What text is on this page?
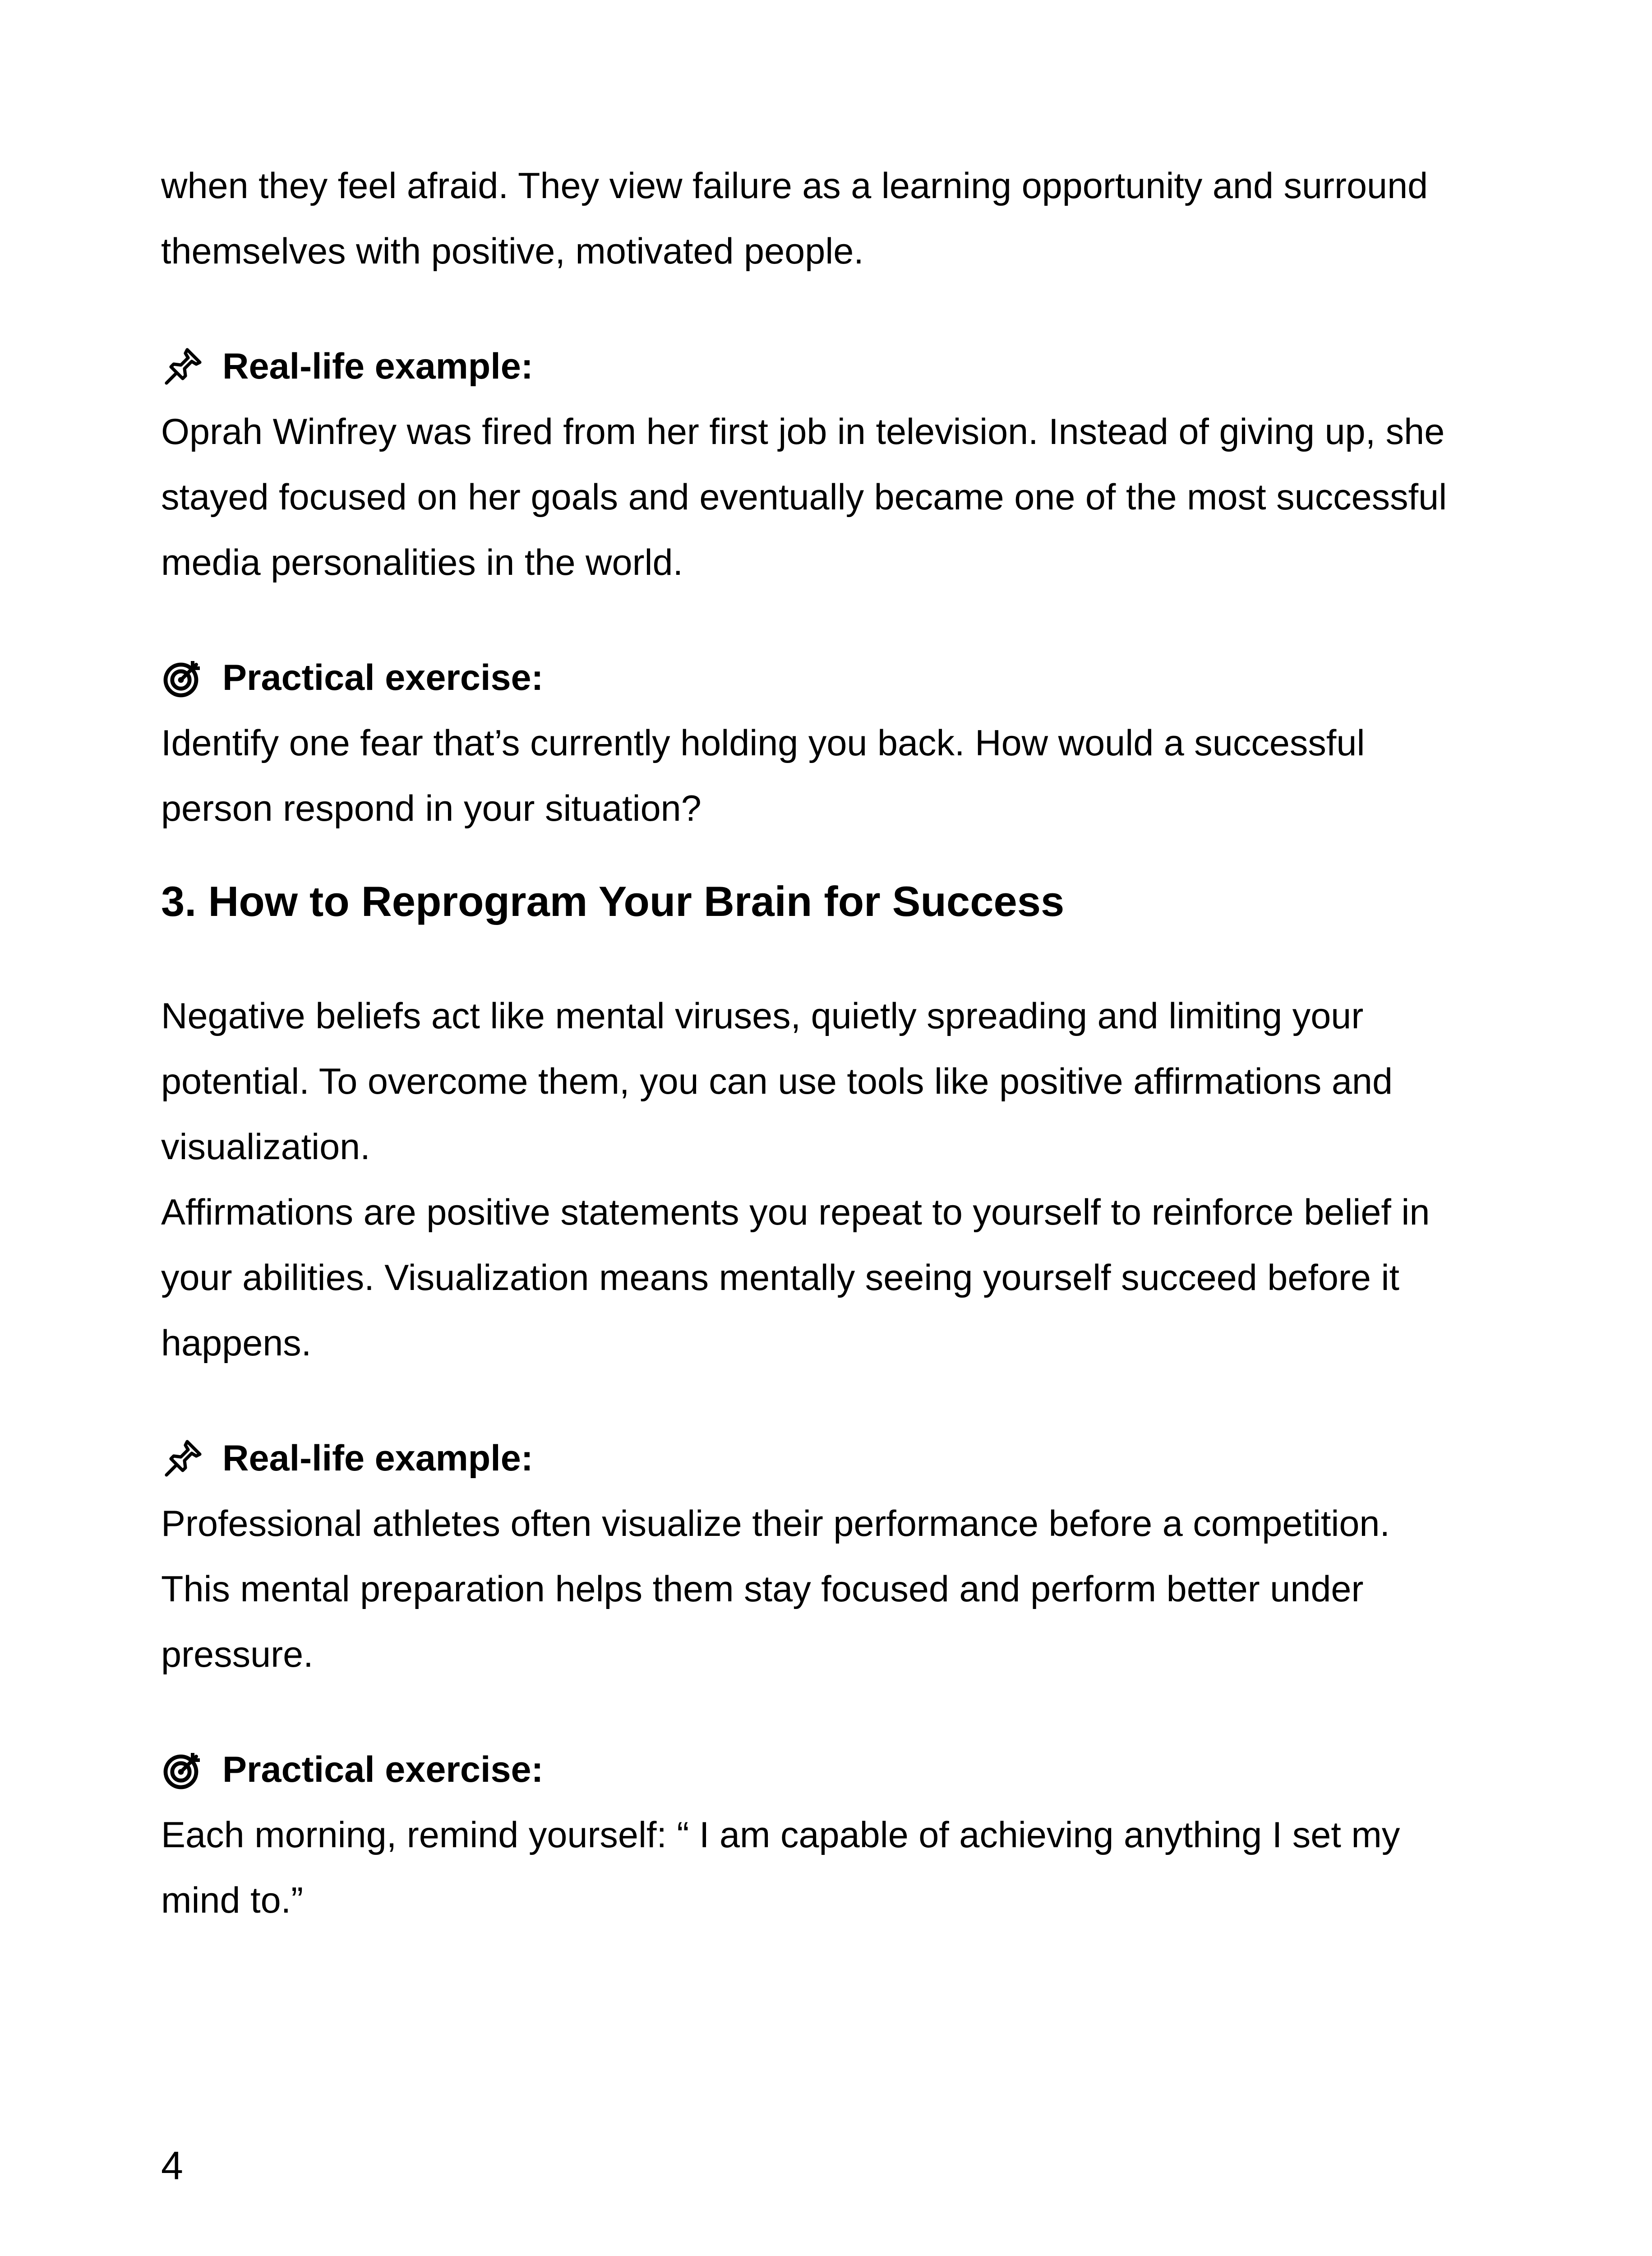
when they feel afraid. They view failure as a learning opportunity and surround
themselves with positive, motivated people.

Real-life example:

Oprah Winfrey was fired from her first job in television. Instead of giving up, she
stayed focused on her goals and eventually became one of the most successful
media personalities in the world.

Practical exercise:

Identify one fear that’s currently holding you back. How would a successful
person respond in your situation?

3. How to Reprogram Your Brain for Success

Negative beliefs act like mental viruses, quietly spreading and limiting your
potential. To overcome them, you can use tools like positive affirmations and
visualization.
Affirmations are positive statements you repeat to yourself to reinforce belief in
your abilities. Visualization means mentally seeing yourself succeed before it
happens.

Real-life example:

Professional athletes often visualize their performance before a competition.
This mental preparation helps them stay focused and perform better under
pressure.

Practical exercise:

Each morning, remind yourself: “ I am capable of achieving anything I set my
mind to.”

4
